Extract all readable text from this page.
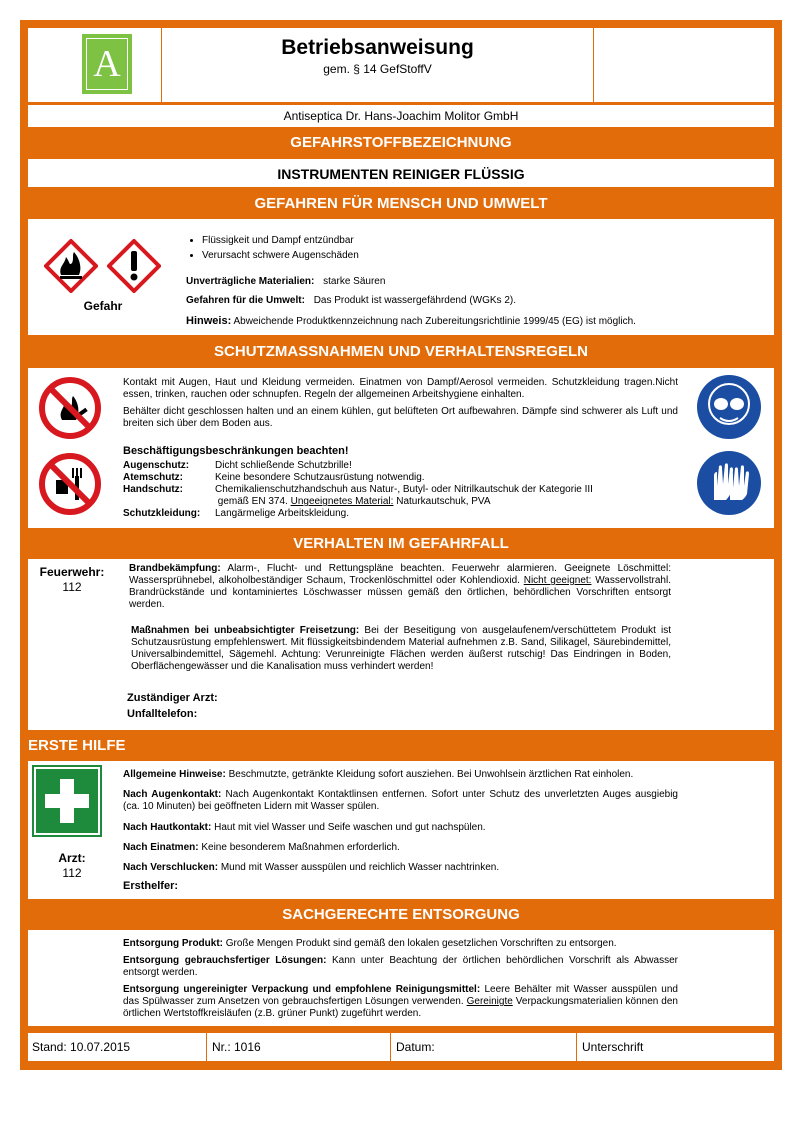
A	Betriebsanweisung
gem. § 14 GefStoffV
Antiseptica Dr. Hans-Joachim Molitor GmbH
GEFAHRSTOFFBEZEICHNUNG
INSTRUMENTEN REINIGER FLÜSSIG
GEFAHREN FÜR MENSCH UND UMWELT
Gefahr
• Flüssigkeit und Dampf entzündbar
• Verursacht schwere Augenschäden
Unverträgliche Materialien: starke Säuren
Gefahren für die Umwelt: Das Produkt ist wassergefährdend (WGKs 2).
Hinweis: Abweichende Produktkennzeichnung nach Zubereitungsrichtlinie 1999/45 (EG) ist möglich.
SCHUTZMASSNAHMEN UND VERHALTENSREGELN
Kontakt mit Augen, Haut und Kleidung vermeiden. Einatmen von Dampf/Aerosol vermeiden. Schutzkleidung tragen.Nicht essen, trinken, rauchen oder schnupfen. Regeln der allgemeinen Arbeitshygiene einhalten.
Behälter dicht geschlossen halten und an einem kühlen, gut belüfteten Ort aufbewahren. Dämpfe sind schwerer als Luft und breiten sich über dem Boden aus.
Beschäftigungsbeschränkungen beachten!
Augenschutz:	Dicht schließende Schutzbrille!
Atemschutz:	Keine besondere Schutzausrüstung notwendig.
Handschutz:	Chemikalienschutzhandschuh aus Natur-, Butyl- oder Nitrilkautschuk der Kategorie III
gemäß EN 374. Ungeeignetes Material: Naturkautschuk, PVA
Schutzkleidung: Langärmelige Arbeitskleidung.
VERHALTEN IM GEFAHRFALL
Feuerwehr:
112
Brandbekämpfung: Alarm-, Flucht- und Rettungspläne beachten. Feuerwehr alarmieren. Geeignete Löschmittel: Wassersprühnebel, alkoholbeständiger Schaum, Trockenlöschmittel oder Kohlendioxid. Nicht geeignet: Wasservollstrahl. Brandrückstände und kontaminiertes Löschwasser müssen gemäß den örtlichen, behördlichen Vorschriften entsorgt werden.
Maßnahmen bei unbeabsichtigter Freisetzung: Bei der Beseitigung von ausgelaufenem/verschüttetem Produkt ist Schutzausrüstung empfehlenswert. Mit flüssigkeitsbindendem Material aufnehmen z.B. Sand, Silikagel, Säurebindemittel, Universalbindemittel, Sägemehl. Achtung: Verunreinigte Flächen werden äußerst rutschig! Das Eindringen in Boden, Oberflächengewässer und die Kanalisation muss verhindert werden!
Zuständiger Arzt:
Unfalltelefon:
ERSTE HILFE
Arzt:
112
Allgemeine Hinweise: Beschmutzte, getränkte Kleidung sofort ausziehen. Bei Unwohlsein ärztlichen Rat einholen.
Nach Augenkontakt: Nach Augenkontakt Kontaktlinsen entfernen. Sofort unter Schutz des unverletzten Auges ausgiebig (ca. 10 Minuten) bei geöffneten Lidern mit Wasser spülen.
Nach Hautkontakt: Haut mit viel Wasser und Seife waschen und gut nachspülen.
Nach Einatmen: Keine besonderem Maßnahmen erforderlich.
Nach Verschlucken: Mund mit Wasser ausspülen und reichlich Wasser nachtrinken.
Ersthelfer:
SACHGERECHTE ENTSORGUNG
Entsorgung Produkt: Große Mengen Produkt sind gemäß den lokalen gesetzlichen Vorschriften zu entsorgen.
Entsorgung gebrauchsfertiger Lösungen: Kann unter Beachtung der örtlichen behördlichen Vorschrift als Abwasser entsorgt werden.
Entsorgung ungereinigter Verpackung und empfohlene Reinigungsmittel: Leere Behälter mit Wasser ausspülen und das Spülwasser zum Ansetzen von gebrauchsfertigen Lösungen verwenden. Gereinigte Verpackungsmaterialien können den örtlichen Wertstoffkreisläufen (z.B. grüner Punkt) zugeführt werden.
Stand: 10.07.2015	Nr.: 1016	Datum:	Unterschrift
